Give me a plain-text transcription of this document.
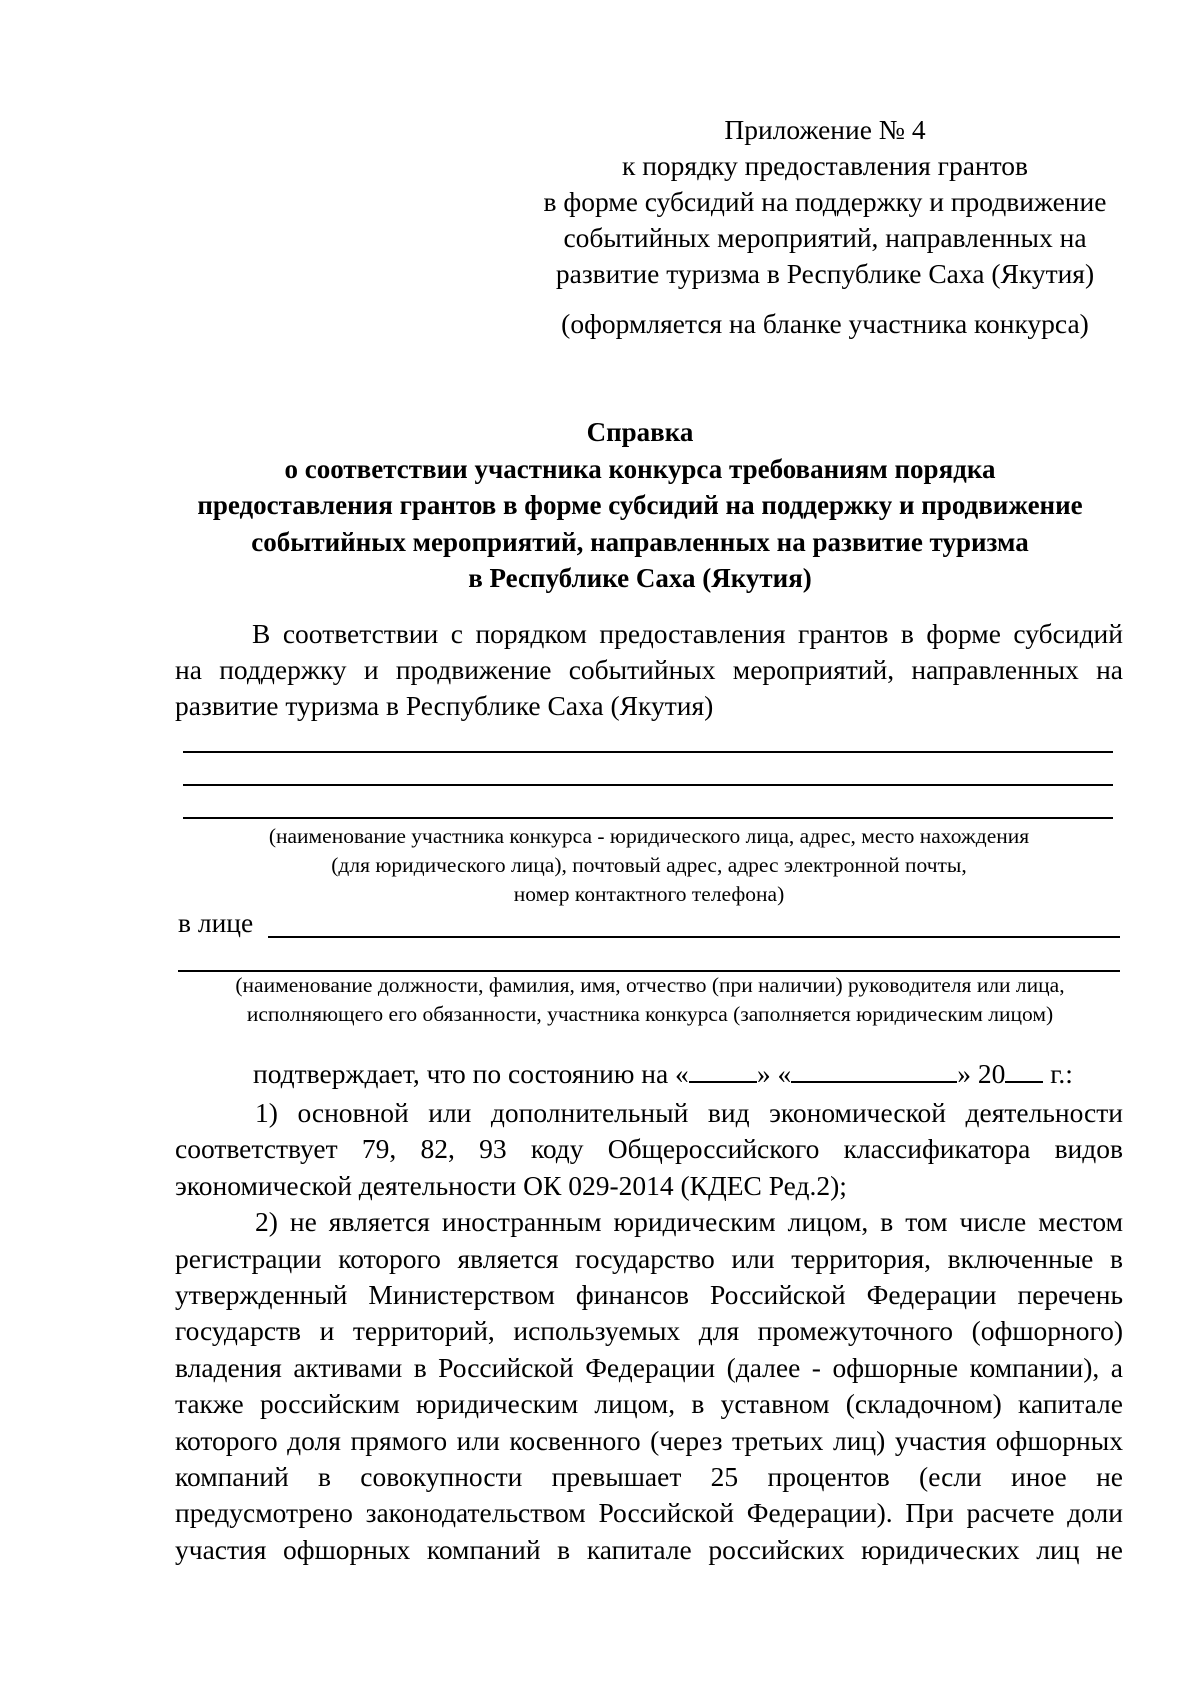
Приложение № 4
к порядку предоставления грантов
в форме субсидий на поддержку и продвижение
событийных мероприятий, направленных на
развитие туризма в Республике Саха (Якутия)
(оформляется на бланке участника конкурса)
Справка
о соответствии участника конкурса требованиям порядка
предоставления грантов в форме субсидий на поддержку и продвижение
событийных мероприятий, направленных на развитие туризма
в Республике Саха (Якутия)
В соответствии с порядком предоставления грантов в форме субсидий
на поддержку и продвижение событийных мероприятий, направленных на
развитие туризма в Республике Саха (Якутия)
(наименование участника конкурса - юридического лица, адрес, место нахождения
(для юридического лица), почтовый адрес, адрес электронной почты,
номер контактного телефона)
в лице
(наименование должности, фамилия, имя, отчество (при наличии) руководителя или лица,
исполняющего его обязанности, участника конкурса (заполняется юридическим лицом)
подтверждает, что по состоянию на « » «	» 20 г.:
1) основной или дополнительный вид экономической деятельности
соответствует 79, 82, 93 коду Общероссийского классификатора видов
экономической деятельности ОК 029-2014 (КДЕС Ред.2);
2) не является иностранным юридическим лицом, в том числе местом
регистрации которого является государство или территория, включенные в
утвержденный Министерством финансов Российской Федерации перечень
государств и территорий, используемых для промежуточного (офшорного)
владения активами в Российской Федерации (далее - офшорные компании), а
также российским юридическим лицом, в уставном (складочном) капитале
которого доля прямого или косвенного (через третьих лиц) участия офшорных
компаний в совокупности превышает 25 процентов (если иное не
предусмотрено законодательством Российской Федерации). При расчете доли
участия офшорных компаний в капитале российских юридических лиц не
